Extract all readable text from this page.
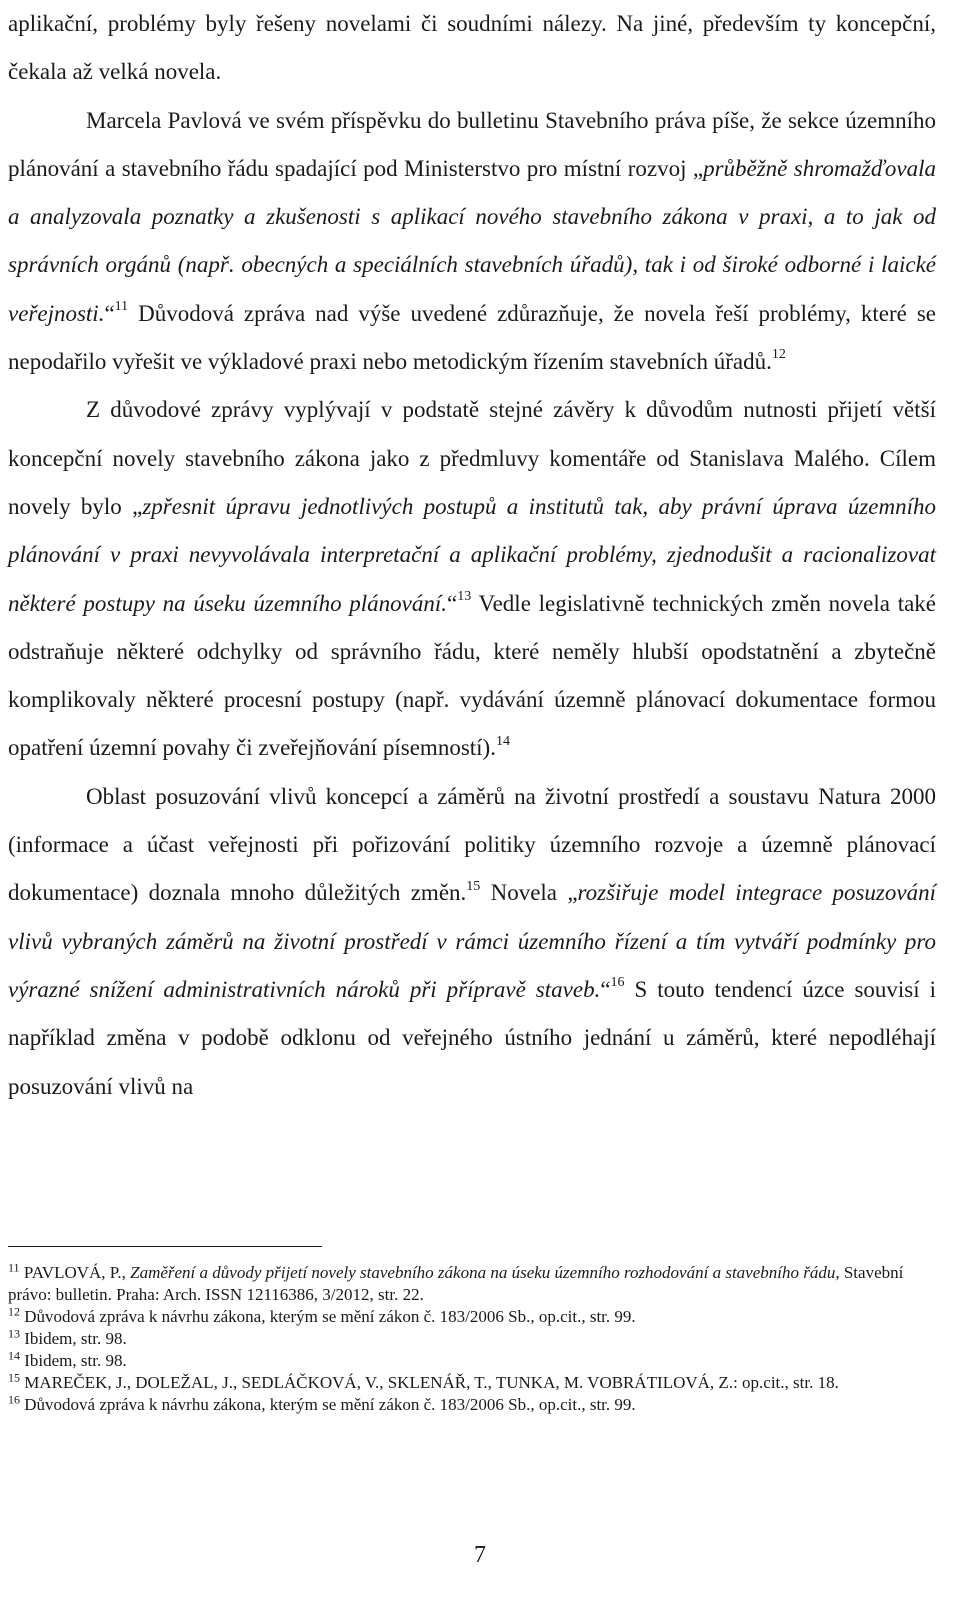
aplikační, problémy byly řešeny novelami či soudními nálezy. Na jiné, především ty koncepční, čekala až velká novela.

Marcela Pavlová ve svém příspěvku do bulletinu Stavebního práva píše, že sekce územního plánování a stavebního řádu spadající pod Ministerstvo pro místní rozvoj „průběžně shromažďovala a analyzovala poznatky a zkušenosti s aplikací nového stavebního zákona v praxi, a to jak od správních orgánů (např. obecných a speciálních stavebních úřadů), tak i od široké odborné i laické veřejnosti.“$^{11}$ Důvodová zpráva nad výše uvedené zdůrazňuje, že novela řeší problémy, které se nepodařilo vyřešit ve výkladové praxi nebo metodickým řízením stavebních úřadů.$^{12}$

Z důvodové zprávy vyplývají v podstatě stejné závěry k důvodům nutnosti přijetí větší koncepční novely stavebního zákona jako z předmluvy komentáře od Stanislava Malého. Cílem novely bylo „zpřesnit úpravu jednotlivých postupů a institutů tak, aby právní úprava územního plánování v praxi nevyvolávala interpretační a aplikační problémy, zjednodušit a racionalizovat některé postupy na úseku územního plánování.“$^{13}$ Vedle legislativně technických změn novela také odstraňuje některé odchylky od správního řádu, které neměly hlubší opodstatnění a zbytečně komplikovaly některé procesní postupy (např. vydávání územně plánovací dokumentace formou opatření územní povahy či zveřejňování písemností).$^{14}$

Oblast posuzování vlivů koncepcí a záměrů na životní prostředí a soustavu Natura 2000 (informace a účast veřejnosti při pořizování politiky územního rozvoje a územně plánovací dokumentace) doznala mnoho důležitých změn.$^{15}$ Novela „rozšiřuje model integrace posuzování vlivů vybraných záměrů na životní prostředí v rámci územního řízení a tím vytváří podmínky pro výrazné snížení administrativních nároků při přípravě staveb.“$^{16}$ S touto tendencí úzce souvisí i například změna v podobě odklonu od veřejného ústního jednání u záměrů, které nepodléhají posuzování vlivů na

$^{11}$ PAVLOVÁ, P., Zaměření a důvody přijetí novely stavebního zákona na úseku územního rozhodování a stavebního řádu, Stavební právo: bulletin. Praha: Arch. ISSN 12116386, 3/2012, str. 22.

$^{12}$ Důvodová zpráva k návrhu zákona, kterým se mění zákon č. 183/2006 Sb., op.cit., str. 99.

$^{13}$ Ibidem, str. 98.

$^{14}$ Ibidem, str. 98.

$^{15}$ MAREČEK, J., DOLEŽAL, J., SEDLÁČKOVÁ, V., SKLENÁŘ, T., TUNKA, M. VOBRÁTILOVÁ, Z.: op.cit., str. 18.

$^{16}$ Důvodová zpráva k návrhu zákona, kterým se mění zákon č. 183/2006 Sb., op.cit., str. 99.

7
